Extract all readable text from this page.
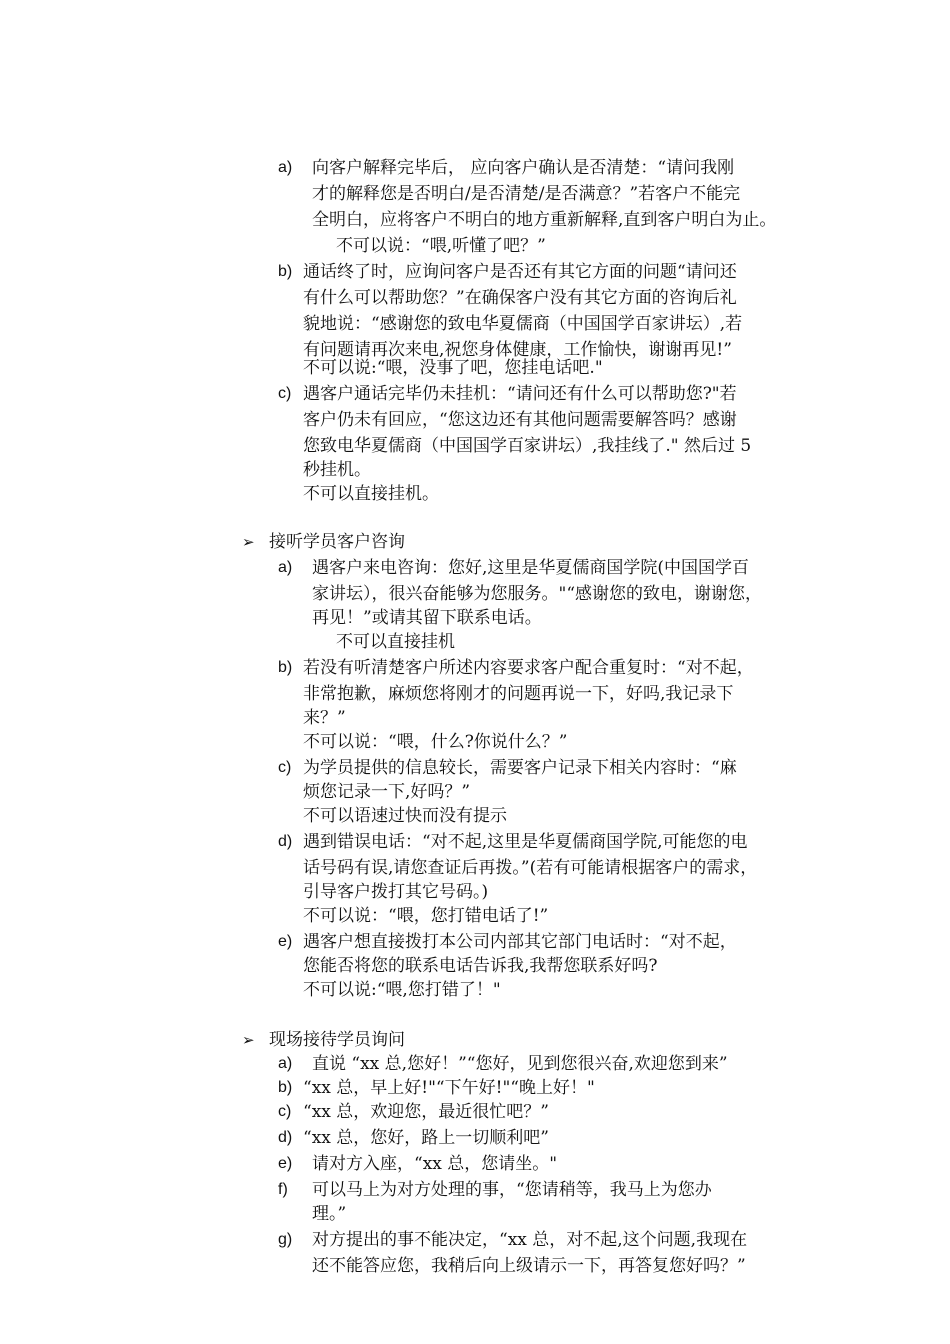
a) 向客户解释完毕后， 应向客户确认是否清楚：“请问我刚
才的解释您是否明白/是否清楚/是否满意？”若客户不能完
全明白，应将客户不明白的地方重新解释,直到客户明白为止。
不可以说：“喂,听懂了吧？”
b) 通话终了时，应询问客户是否还有其它方面的问题“请问还
有什么可以帮助您？”在确保客户没有其它方面的咨询后礼
貌地说：“感谢您的致电华夏儒商（中国国学百家讲坛）,若
有问题请再次来电,祝您身体健康，工作愉快，谢谢再见!”
不可以说:“喂，没事了吧，您挂电话吧."
c) 遇客户通话完毕仍未挂机：“请问还有什么可以帮助您?"若
客户仍未有回应，“您这边还有其他问题需要解答吗？感谢
您致电华夏儒商（中国国学百家讲坛）,我挂线了." 然后过 5
秒挂机。
不可以直接挂机。
➢ 接听学员客户咨询
a) 遇客户来电咨询：您好,这里是华夏儒商国学院(中国国学百
家讲坛），很兴奋能够为您服务。"“感谢您的致电，谢谢您，
再见！”或请其留下联系电话。
不可以直接挂机
b) 若没有听清楚客户所述内容要求客户配合重复时：“对不起，
非常抱歉，麻烦您将刚才的问题再说一下，好吗,我记录下
来？”
不可以说：“喂，什么?你说什么？”
c) 为学员提供的信息较长，需要客户记录下相关内容时：“麻
烦您记录一下,好吗？”
不可以语速过快而没有提示
d) 遇到错误电话：“对不起,这里是华夏儒商国学院,可能您的电
话号码有误,请您查证后再拨。”(若有可能请根据客户的需求，
引导客户拨打其它号码。)
不可以说：“喂，您打错电话了!”
e) 遇客户想直接拨打本公司内部其它部门电话时：“对不起，
您能否将您的联系电话告诉我,我帮您联系好吗?
不可以说:“喂,您打错了！"
➢ 现场接待学员询问
a) 直说 “xx 总,您好！”“您好，见到您很兴奋,欢迎您到来”
b) “xx 总，早上好!"“下午好!"“晚上好！"
c) “xx 总，欢迎您，最近很忙吧？”
d) “xx 总，您好，路上一切顺利吧”
e) 请对方入座，“xx 总，您请坐。"
f) 可以马上为对方处理的事，“您请稍等，我马上为您办
理。”
g) 对方提出的事不能决定，“xx 总，对不起,这个问题,我现在
还不能答应您，我稍后向上级请示一下，再答复您好吗？”
